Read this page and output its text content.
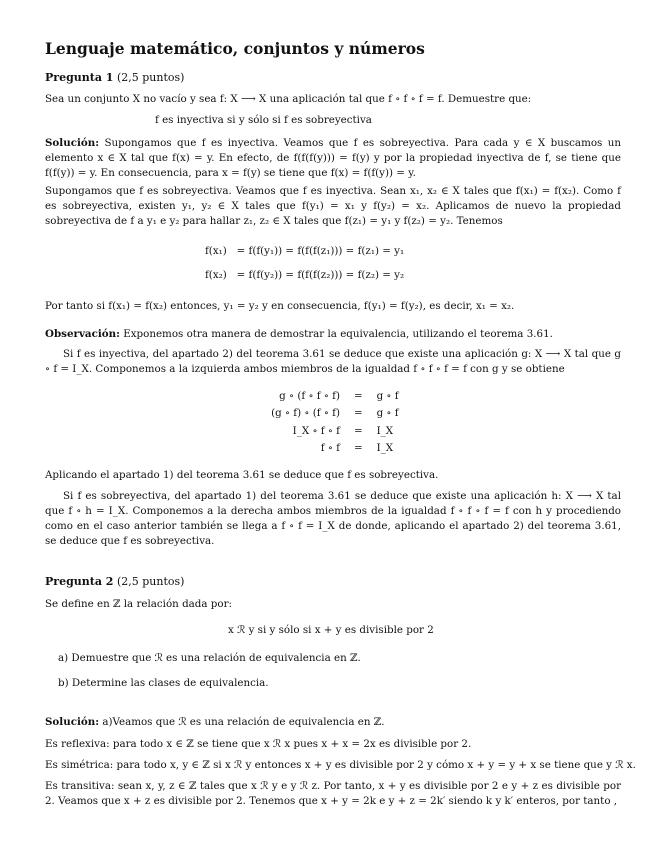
Lenguaje matemático, conjuntos y números
Pregunta 1 (2,5 puntos)
Sea un conjunto X no vacío y sea f: X ⟶ X una aplicación tal que f ∘ f ∘ f = f. Demuestre que:
f es inyectiva si y sólo si f es sobreyectiva
Solución: Supongamos que f es inyectiva. Veamos que f es sobreyectiva. Para cada y ∈ X buscamos un elemento x ∈ X tal que f(x) = y. En efecto, de f(f(f(y))) = f(y) y por la propiedad inyectiva de f, se tiene que f(f(y)) = y. En consecuencia, para x = f(y) se tiene que f(x) = f(f(y)) = y.
Supongamos que f es sobreyectiva. Veamos que f es inyectiva. Sean x₁, x₂ ∈ X tales que f(x₁) = f(x₂). Como f es sobreyectiva, existen y₁, y₂ ∈ X tales que f(y₁) = x₁ y f(y₂) = x₂. Aplicamos de nuevo la propiedad sobreyectiva de f a y₁ e y₂ para hallar z₁, z₂ ∈ X tales que f(z₁) = y₁ y f(z₂) = y₂. Tenemos
f(x₁) = f(f(y₁)) = f(f(f(z₁))) = f(z₁) = y₁
f(x₂) = f(f(y₂)) = f(f(f(z₂))) = f(z₂) = y₂
Por tanto si f(x₁) = f(x₂) entonces, y₁ = y₂ y en consecuencia, f(y₁) = f(y₂), es decir, x₁ = x₂.
Observación: Exponemos otra manera de demostrar la equivalencia, utilizando el teorema 3.61.
Si f es inyectiva, del apartado 2) del teorema 3.61 se deduce que existe una aplicación g: X ⟶ X tal que g ∘ f = I_X. Componemos a la izquierda ambos miembros de la igualdad f ∘ f ∘ f = f con g y se obtiene
g ∘ (f ∘ f ∘ f) = g ∘ f
(g ∘ f) ∘ (f ∘ f) = g ∘ f
I_X ∘ f ∘ f = I_X
f ∘ f = I_X
Aplicando el apartado 1) del teorema 3.61 se deduce que f es sobreyectiva.
Si f es sobreyectiva, del apartado 1) del teorema 3.61 se deduce que existe una aplicación h: X ⟶ X tal que f ∘ h = I_X. Componemos a la derecha ambos miembros de la igualdad f ∘ f ∘ f = f con h y procediendo como en el caso anterior también se llega a f ∘ f = I_X de donde, aplicando el apartado 2) del teorema 3.61, se deduce que f es sobreyectiva.
Pregunta 2 (2,5 puntos)
Se define en ℤ la relación dada por:
x ℛ y si y sólo si x + y es divisible por 2
a) Demuestre que ℛ es una relación de equivalencia en ℤ.
b) Determine las clases de equivalencia.
Solución: a)Veamos que ℛ es una relación de equivalencia en ℤ.
Es reflexiva: para todo x ∈ ℤ se tiene que x ℛ x pues x + x = 2x es divisible por 2.
Es simétrica: para todo x, y ∈ ℤ si x ℛ y entonces x + y es divisible por 2 y cómo x + y = y + x se tiene que y ℛ x.
Es transitiva: sean x, y, z ∈ ℤ tales que x ℛ y e y ℛ z. Por tanto, x + y es divisible por 2 e y + z es divisible por 2. Veamos que x + z es divisible por 2. Tenemos que x + y = 2k e y + z = 2k′ siendo k y k′ enteros, por tanto ,
